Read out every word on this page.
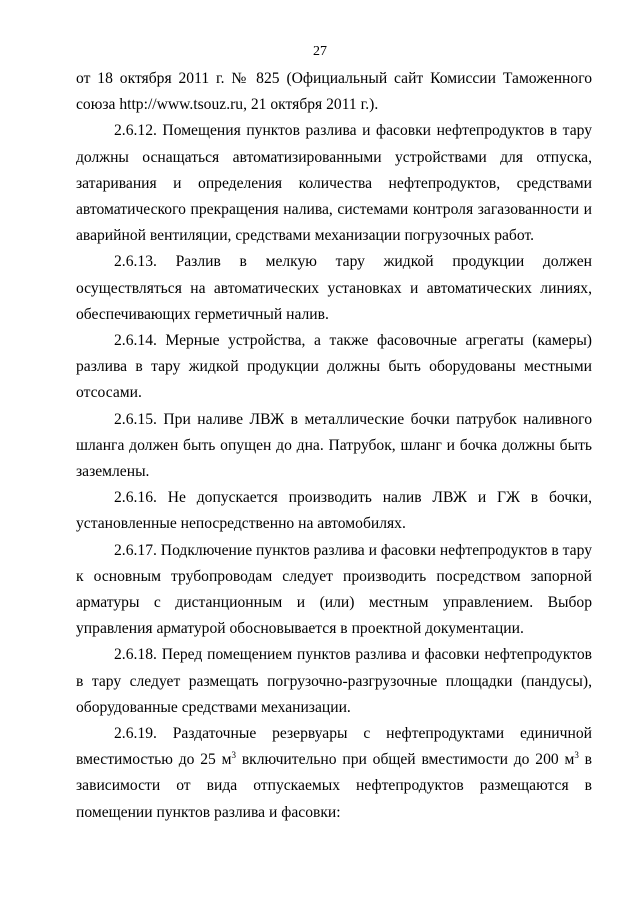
27

от 18 октября 2011 г. № 825 (Официальный сайт Комиссии Таможенного союза http://www.tsouz.ru, 21 октября 2011 г.).

2.6.12. Помещения пунктов разлива и фасовки нефтепродуктов в тару должны оснащаться автоматизированными устройствами для отпуска, затаривания и определения количества нефтепродуктов, средствами автоматического прекращения налива, системами контроля загазованности и аварийной вентиляции, средствами механизации погрузочных работ.

2.6.13. Разлив в мелкую тару жидкой продукции должен осуществляться на автоматических установках и автоматических линиях, обеспечивающих герметичный налив.

2.6.14. Мерные устройства, а также фасовочные агрегаты (камеры) разлива в тару жидкой продукции должны быть оборудованы местными отсосами.

2.6.15. При наливе ЛВЖ в металлические бочки патрубок наливного шланга должен быть опущен до дна. Патрубок, шланг и бочка должны быть заземлены.

2.6.16. Не допускается производить налив ЛВЖ и ГЖ в бочки, установленные непосредственно на автомобилях.

2.6.17. Подключение пунктов разлива и фасовки нефтепродуктов в тару к основным трубопроводам следует производить посредством запорной арматуры с дистанционным и (или) местным управлением. Выбор управления арматурой обосновывается в проектной документации.

2.6.18. Перед помещением пунктов разлива и фасовки нефтепродуктов в тару следует размещать погрузочно-разгрузочные площадки (пандусы), оборудованные средствами механизации.

2.6.19. Раздаточные резервуары с нефтепродуктами единичной вместимостью до 25 $м^3$ включительно при общей вместимости до 200 $м^3$ в зависимости от вида отпускаемых нефтепродуктов размещаются в помещении пунктов разлива и фасовки:
